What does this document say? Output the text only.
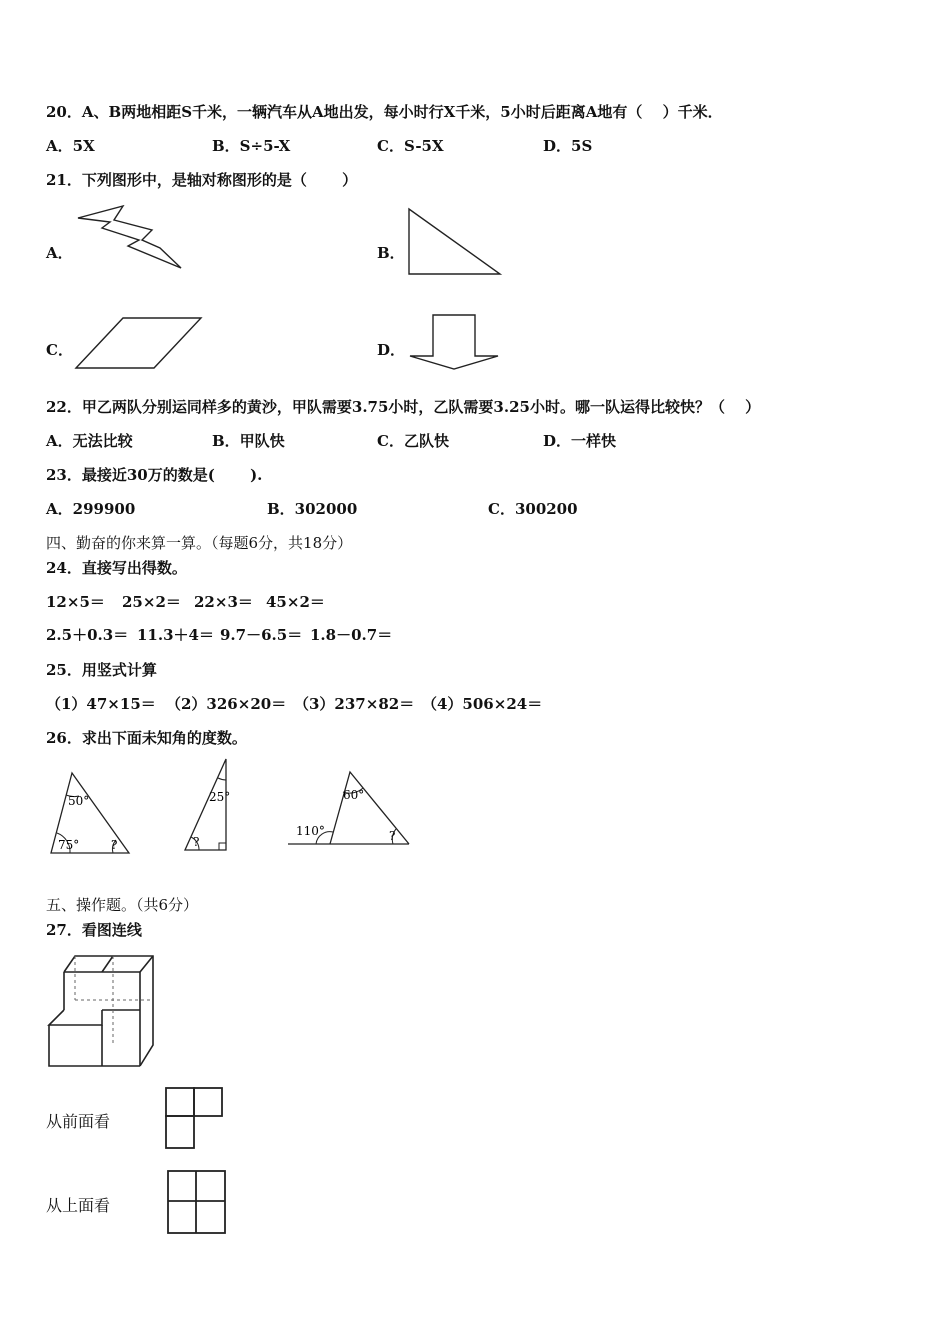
20．A、B两地相距S千米，一辆汽车从A地出发，每小时行X千米，5小时后距离A地有（　 ）千米．
A．5X	B．S÷5-X	C．S-5X	D．5S
21．下列图形中，是轴对称图形的是（　 　）
A．	B．
C．	D．
22．甲乙两队分别运同样多的黄沙，甲队需要3.75小时，乙队需要3.25小时。哪一队运得比较快？（　 ）
A．无法比较	B．甲队快	C．乙队快	D．一样快
23．最接近30万的数是(　 　).
A．299900	B．302000	C．300200
四、勤奋的你来算一算。（每题6分，共18分）
24．直接写出得数。
12×5＝ 25×2＝ 22×3＝ 45×2＝
2.5＋0.3＝ 11.3＋4＝ 9.7－6.5＝ 1.8－0.7＝
25．用竖式计算
（1）47×15＝ （2）326×20＝ （3）237×82＝ （4）506×24＝
26．求出下面未知角的度数。
50°
75°	?
25°
?
60°
110°	?
五、操作题。（共6分）
27．看图连线
从前面看
从上面看
